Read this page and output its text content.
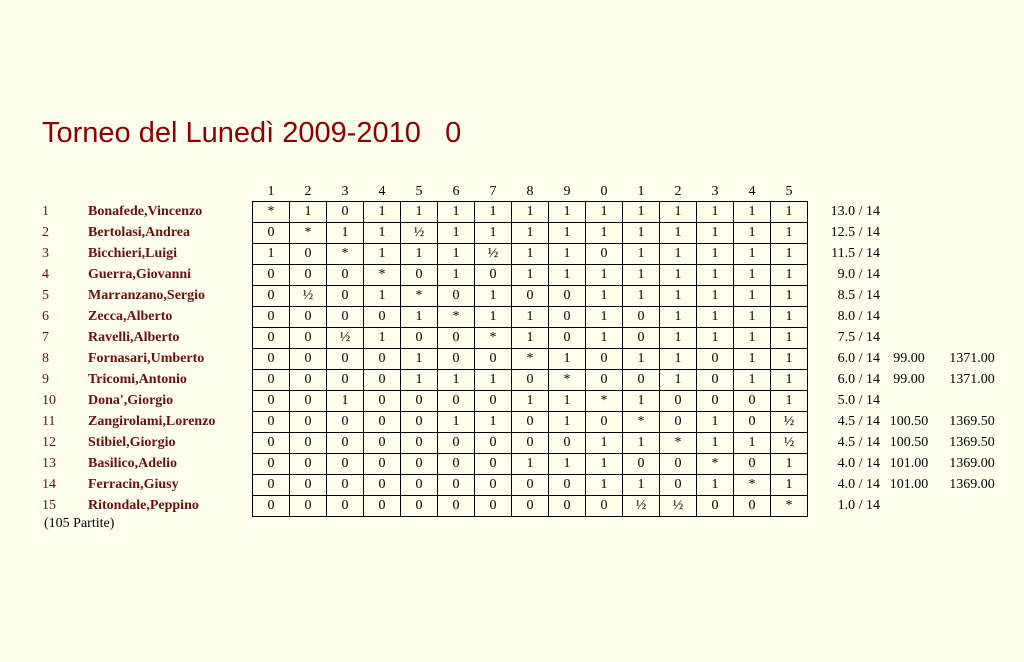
Torneo del Lunedì 2009-2010   0
		1	2	3	4	5	6	7	8	9	0	1	2	3	4	5			
1	Bonafede,Vincenzo	*	1	0	1	1	1	1	1	1	1	1	1	1	1	1	13.0 / 14		
2	Bertolasi,Andrea	0	*	1	1	½	1	1	1	1	1	1	1	1	1	1	12.5 / 14		
3	Bicchieri,Luigi	1	0	*	1	1	1	½	1	1	0	1	1	1	1	1	11.5 / 14		
4	Guerra,Giovanni	0	0	0	*	0	1	0	1	1	1	1	1	1	1	1	9.0 / 14		
5	Marranzano,Sergio	0	½	0	1	*	0	1	0	0	1	1	1	1	1	1	8.5 / 14		
6	Zecca,Alberto	0	0	0	0	1	*	1	1	0	1	0	1	1	1	1	8.0 / 14		
7	Ravelli,Alberto	0	0	½	1	0	0	*	1	0	1	0	1	1	1	1	7.5 / 14		
8	Fornasari,Umberto	0	0	0	0	1	0	0	*	1	0	1	1	0	1	1	6.0 / 14	99.00	1371.00
9	Tricomi,Antonio	0	0	0	0	1	1	1	0	*	0	0	1	0	1	1	6.0 / 14	99.00	1371.00
10	Dona',Giorgio	0	0	1	0	0	0	0	1	1	*	1	0	0	0	1	5.0 / 14		
11	Zangirolami,Lorenzo	0	0	0	0	0	1	1	0	1	0	*	0	1	0	½	4.5 / 14	100.50	1369.50
12	Stibiel,Giorgio	0	0	0	0	0	0	0	0	0	1	1	*	1	1	½	4.5 / 14	100.50	1369.50
13	Basilico,Adelio	0	0	0	0	0	0	0	1	1	1	0	0	*	0	1	4.0 / 14	101.00	1369.00
14	Ferracin,Giusy	0	0	0	0	0	0	0	0	0	1	1	0	1	*	1	4.0 / 14	101.00	1369.00
15	Ritondale,Peppino	0	0	0	0	0	0	0	0	0	0	½	½	0	0	*	1.0 / 14		
(105 Partite)
